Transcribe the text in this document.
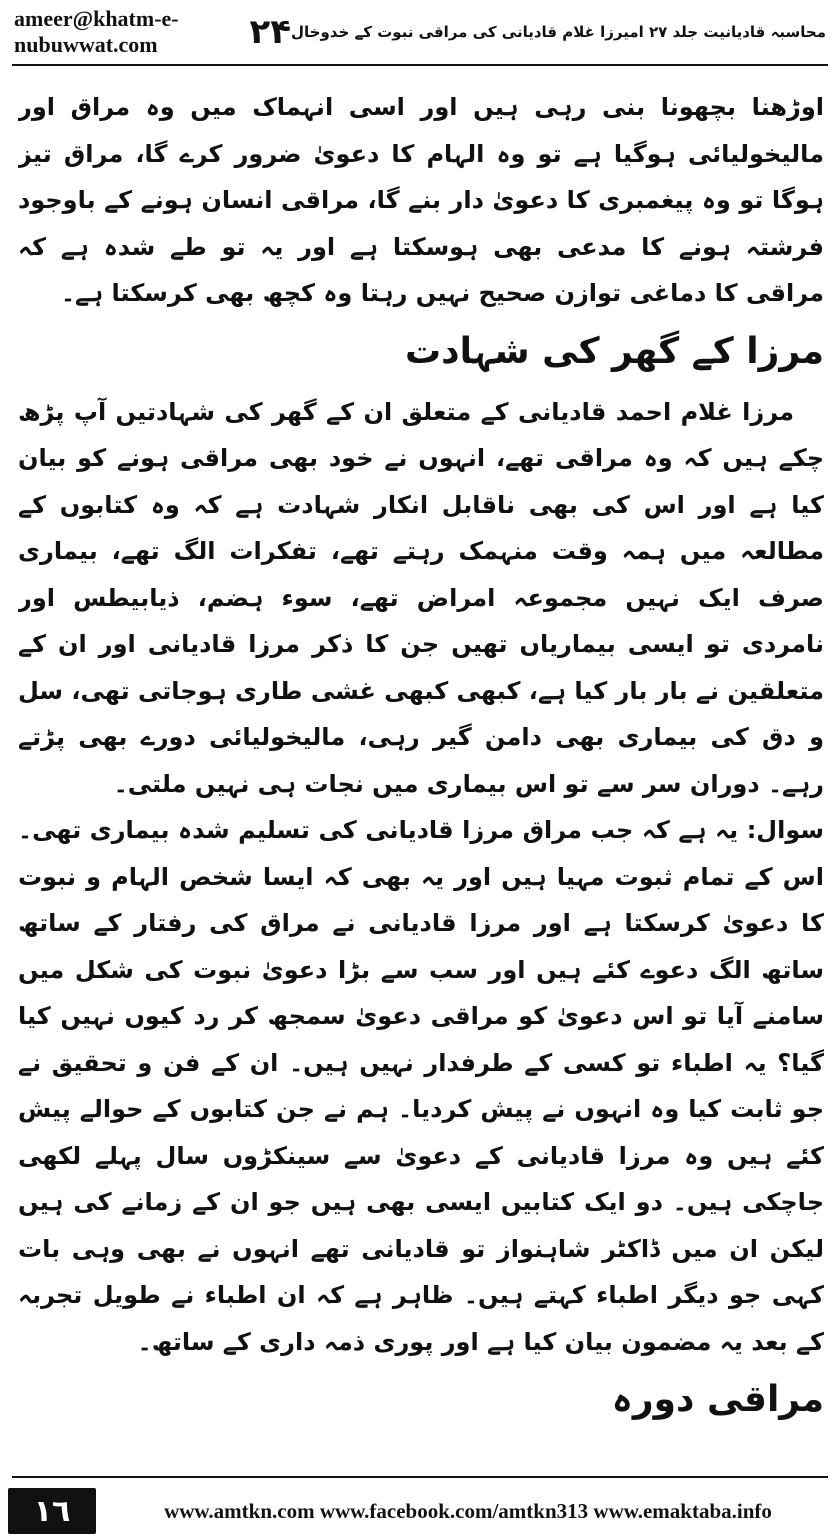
ameer@khatm-e-nubuwwat.com	۲۴ محاسبہ قادیانیت جلد ۲۷ امیرزا غلام قادیانی کی مراقی نبوت کے خدوخال

اوڑھنا بچھونا بنی رہی ہیں اور اسی انہماک میں وہ مراق اور مالیخولیائی ہوگیا ہے تو وہ الہام کا دعویٰ ضرور کرے گا، مراق تیز ہوگا تو وہ پیغمبری کا دعویٰ دار بنے گا، مراقی انسان ہونے کے باوجود فرشتہ ہونے کا مدعی بھی ہوسکتا ہے اور یہ تو طے شدہ ہے کہ مراقی کا دماغی توازن صحیح نہیں رہتا وہ کچھ بھی کرسکتا ہے۔

مرزا کے گھر کی شہادت

مرزا غلام احمد قادیانی کے متعلق ان کے گھر کی شہادتیں آپ پڑھ چکے ہیں کہ وہ مراقی تھے، انہوں نے خود بھی مراقی ہونے کو بیان کیا ہے اور اس کی بھی ناقابل انکار شہادت ہے کہ وہ کتابوں کے مطالعہ میں ہمہ وقت منہمک رہتے تھے، تفکرات الگ تھے، بیماری صرف ایک نہیں مجموعہ امراض تھے، سوء ہضم، ذیابیطس اور نامردی تو ایسی بیماریاں تھیں جن کا ذکر مرزا قادیانی اور ان کے متعلقین نے بار بار کیا ہے، کبھی کبھی غشی طاری ہوجاتی تھی، سل و دق کی بیماری بھی دامن گیر رہی، مالیخولیائی دورے بھی پڑتے رہے۔ دوران سر سے تو اس بیماری میں نجات ہی نہیں ملتی۔

سوال: یہ ہے کہ جب مراق مرزا قادیانی کی تسلیم شدہ بیماری تھی۔ اس کے تمام ثبوت مہیا ہیں اور یہ بھی کہ ایسا شخص الہام و نبوت کا دعویٰ کرسکتا ہے اور مرزا قادیانی نے مراق کی رفتار کے ساتھ ساتھ الگ دعوے کئے ہیں اور سب سے بڑا دعویٰ نبوت کی شکل میں سامنے آیا تو اس دعویٰ کو مراقی دعویٰ سمجھ کر رد کیوں نہیں کیا گیا؟ یہ اطباء تو کسی کے طرفدار نہیں ہیں۔ ان کے فن و تحقیق نے جو ثابت کیا وہ انہوں نے پیش کردیا۔ ہم نے جن کتابوں کے حوالے پیش کئے ہیں وہ مرزا قادیانی کے دعویٰ سے سینکڑوں سال پہلے لکھی جاچکی ہیں۔ دو ایک کتابیں ایسی بھی ہیں جو ان کے زمانے کی ہیں لیکن ان میں ڈاکٹر شاہنواز تو قادیانی تھے انہوں نے بھی وہی بات کہی جو دیگر اطباء کہتے ہیں۔ ظاہر ہے کہ ان اطباء نے طویل تجربہ کے بعد یہ مضمون بیان کیا ہے اور پوری ذمہ داری کے ساتھ۔

مراقی دورہ

١٦	www.amtkn.com www.facebook.com/amtkn313 www.emaktaba.info
